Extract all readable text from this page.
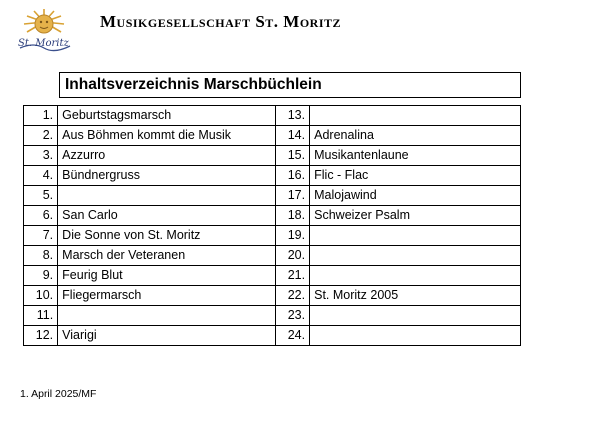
St. Moritz
Musikgesellschaft St. Moritz
Inhaltsverzeichnis Marschbüchlein
1.	Geburtstagsmarsch	13.	
2.	Aus Böhmen kommt die Musik	14.	Adrenalina
3.	Azzurro	15.	Musikantenlaune
4.	Bündnergruss	16.	Flic - Flac
5.		17.	Malojawind
6.	San Carlo	18.	Schweizer Psalm
7.	Die Sonne von St. Moritz	19.	
8.	Marsch der Veteranen	20.	
9.	Feurig Blut	21.	
10.	Fliegermarsch	22.	St. Moritz 2005
11.		23.	
12.	Viarigi	24.	
1. April 2025/MF
